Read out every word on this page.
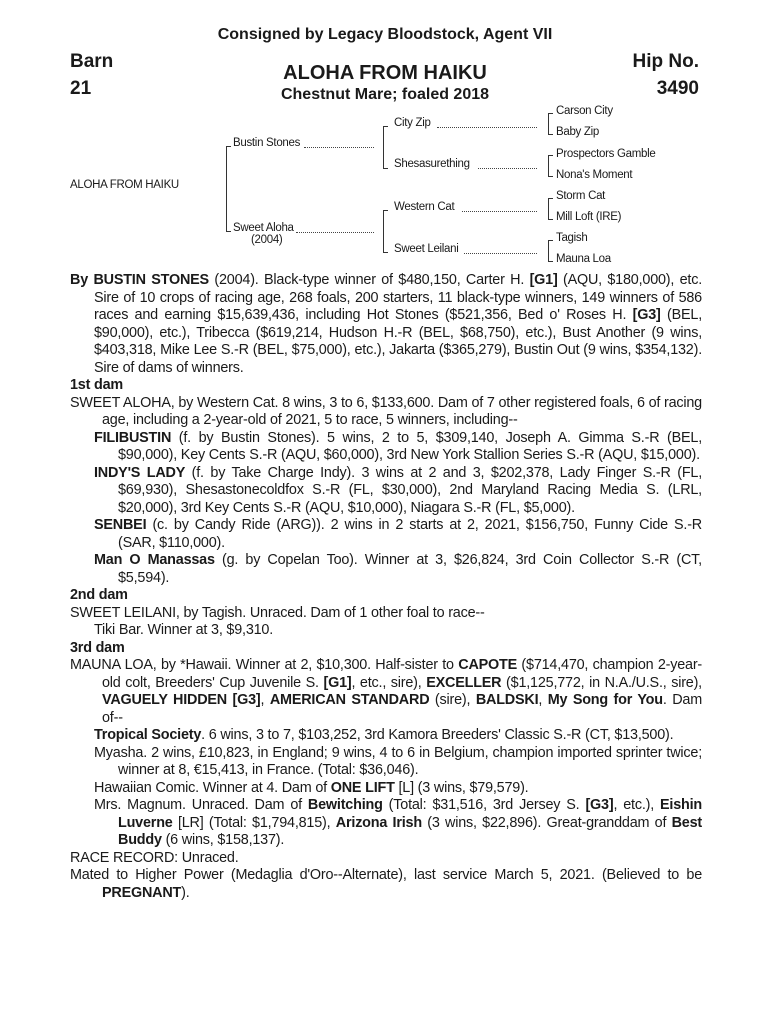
Consigned by Legacy Bloodstock, Agent VII
Barn
21
Hip No.
3490
ALOHA FROM HAIKU
Chestnut Mare; foaled 2018
ALOHA FROM HAIKU
Bustin Stones
Sweet Aloha
(2004)
City Zip
Shesasurething
Western Cat
Sweet Leilani
Carson City
Baby Zip
Prospectors Gamble
Nona's Moment
Storm Cat
Mill Loft (IRE)
Tagish
Mauna Loa

By BUSTIN STONES (2004). Black-type winner of $480,150, Carter H. [G1] (AQU, $180,000), etc. Sire of 10 crops of racing age, 268 foals, 200 starters, 11 black-type winners, 149 winners of 586 races and earning $15,639,436, including Hot Stones ($521,356, Bed o' Roses H. [G3] (BEL, $90,000), etc.), Tribecca ($619,214, Hudson H.-R (BEL, $68,750), etc.), Bust Another (9 wins, $403,318, Mike Lee S.-R (BEL, $75,000), etc.), Jakarta ($365,279), Bustin Out (9 wins, $354,132). Sire of dams of winners.

1st dam

SWEET ALOHA, by Western Cat. 8 wins, 3 to 6, $133,600. Dam of 7 other registered foals, 6 of racing age, including a 2-year-old of 2021, 5 to race, 5 winners, including--

FILIBUSTIN (f. by Bustin Stones). 5 wins, 2 to 5, $309,140, Joseph A. Gimma S.-R (BEL, $90,000), Key Cents S.-R (AQU, $60,000), 3rd New York Stallion Series S.-R (AQU, $15,000).

INDY'S LADY (f. by Take Charge Indy). 3 wins at 2 and 3, $202,378, Lady Finger S.-R (FL, $69,930), Shesastonecoldfox S.-R (FL, $30,000), 2nd Maryland Racing Media S. (LRL, $20,000), 3rd Key Cents S.-R (AQU, $10,000), Niagara S.-R (FL, $5,000).

SENBEI (c. by Candy Ride (ARG)). 2 wins in 2 starts at 2, 2021, $156,750, Funny Cide S.-R (SAR, $110,000).

Man O Manassas (g. by Copelan Too). Winner at 3, $26,824, 3rd Coin Collector S.-R (CT, $5,594).

2nd dam

SWEET LEILANI, by Tagish. Unraced. Dam of 1 other foal to race--

Tiki Bar. Winner at 3, $9,310.

3rd dam

MAUNA LOA, by *Hawaii. Winner at 2, $10,300. Half-sister to CAPOTE ($714,470, champion 2-year-old colt, Breeders' Cup Juvenile S. [G1], etc., sire), EXCELLER ($1,125,772, in N.A./U.S., sire), VAGUELY HIDDEN [G3], AMERICAN STANDARD (sire), BALDSKI, My Song for You. Dam of--

Tropical Society. 6 wins, 3 to 7, $103,252, 3rd Kamora Breeders' Classic S.-R (CT, $13,500).

Myasha. 2 wins, £10,823, in England; 9 wins, 4 to 6 in Belgium, champion imported sprinter twice; winner at 8, €15,413, in France. (Total: $36,046).

Hawaiian Comic. Winner at 4. Dam of ONE LIFT [L] (3 wins, $79,579).

Mrs. Magnum. Unraced. Dam of Bewitching (Total: $31,516, 3rd Jersey S. [G3], etc.), Eishin Luverne [LR] (Total: $1,794,815), Arizona Irish (3 wins, $22,896). Great-granddam of Best Buddy (6 wins, $158,137).

RACE RECORD: Unraced.

Mated to Higher Power (Medaglia d'Oro--Alternate), last service March 5, 2021. (Believed to be PREGNANT).
